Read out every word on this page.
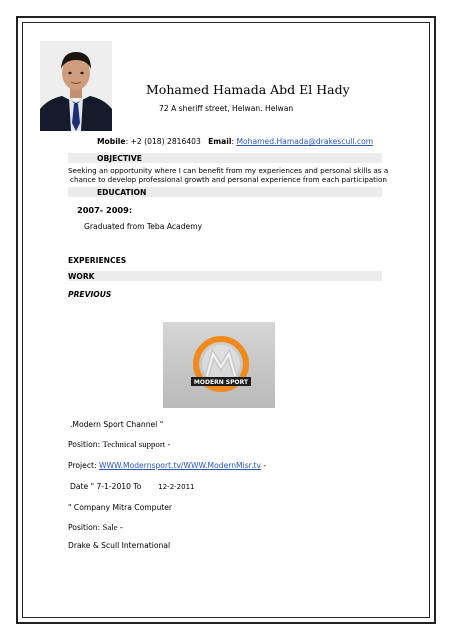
Mohamed Hamada Abd El Hady
72 A sheriff street, Helwan. Helwan
Mobile: +2 (018) 2816403 Email: Mohamed.Hamada@drakescull.com
OBJECTIVE
Seeking an opportunity where I can benefit from my experiences and personal skills as a
chance to develop professional growth and personal experience from each participation
EDUCATION
2007- 2009:
Graduated from Teba Academy
EXPERIENCES
WORK
PREVIOUS
MODERN SPORT
.Modern Sport Channel "
Position: Technical support -
Project: WWW.Modernsport.tv/WWW.ModernMisr.tv -
Date " 7-1-2010 To 12-2-2011
" Company Mitra Computer
Position: Sale -
Drake & Scull International
